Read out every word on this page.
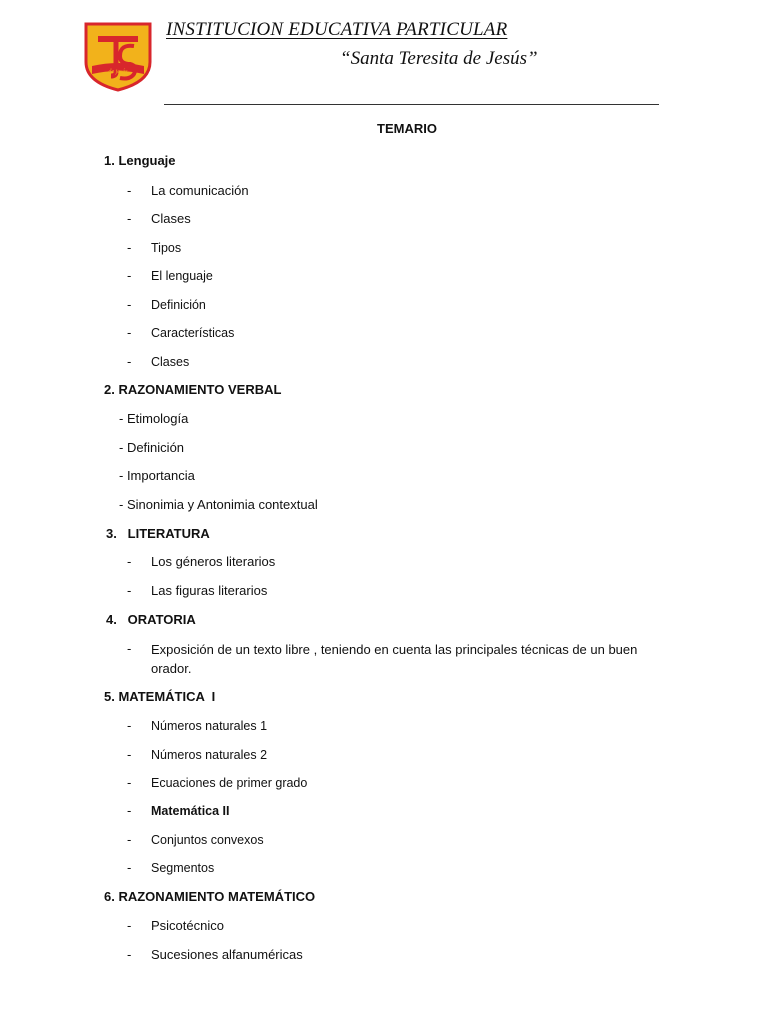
de jesús
INSTITUCION EDUCATIVA PARTICULAR
“Santa Teresita de Jesús”
TEMARIO
1. Lenguaje
- La comunicación
- Clases
- Tipos
- El lenguaje
- Definición
- Características
- Clases
2. RAZONAMIENTO VERBAL
- Etimología
- Definición
- Importancia
- Sinonimia y Antonimia contextual
3.   LITERATURA
- Los géneros literarios
- Las figuras literarios
4.   ORATORIA
- Exposición de un texto libre , teniendo en cuenta las principales técnicas de un buen orador.
5. MATEMÁTICA  I
- Números naturales 1
- Números naturales 2
- Ecuaciones de primer grado
- Matemática II
- Conjuntos convexos
- Segmentos
6. RAZONAMIENTO MATEMÁTICO
- Psicotécnico
- Sucesiones alfanuméricas
